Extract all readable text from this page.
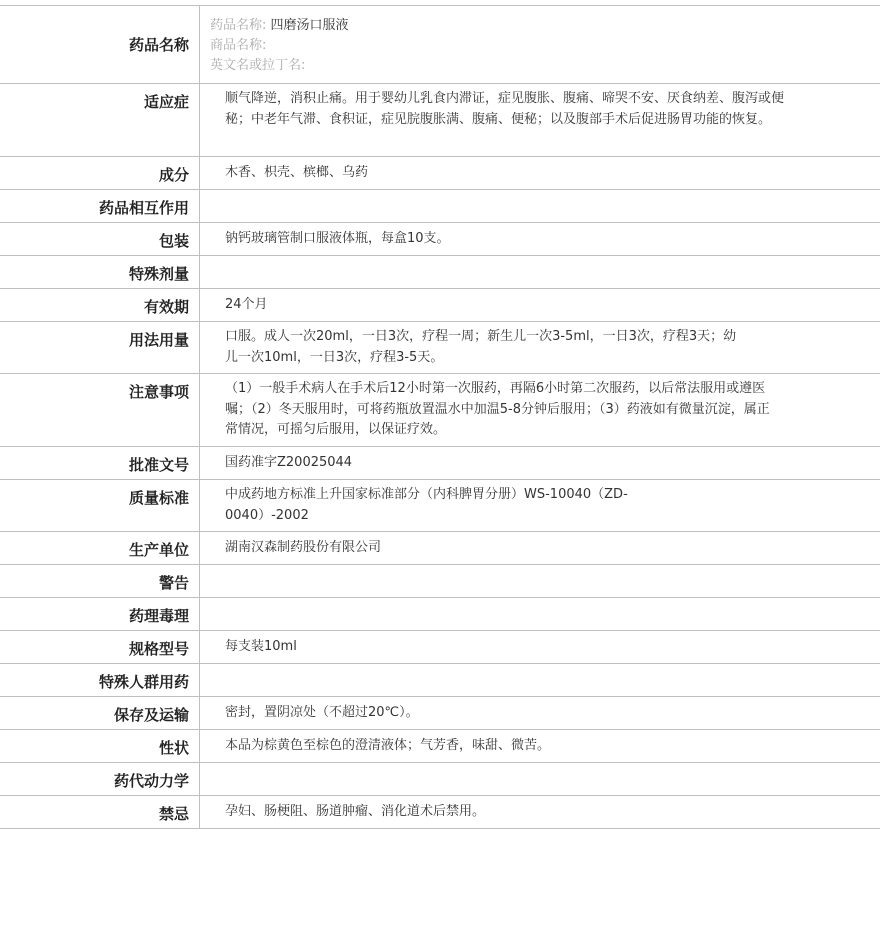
药品名称
药品名称: 四磨汤口服液
商品名称:
英文名或拉丁名:
适应症	顺气降逆，消积止痛。用于婴幼儿乳食内滞证，症见腹胀、腹痛、啼哭不安、厌食纳差、腹泻或便秘；中老年气滞、食积证，症见脘腹胀满、腹痛、便秘；以及腹部手术后促进肠胃功能的恢复。
成分	木香、枳壳、槟榔、乌药
药品相互作用
包装	钠钙玻璃管制口服液体瓶，每盒10支。
特殊剂量
有效期	24个月
用法用量	口服。成人一次20ml，一日3次，疗程一周；新生儿一次3-5ml，一日3次，疗程3天；幼儿一次10ml，一日3次，疗程3-5天。
注意事项	（1）一般手术病人在手术后12小时第一次服药，再隔6小时第二次服药，以后常法服用或遵医嘱；（2）冬天服用时，可将药瓶放置温水中加温5-8分钟后服用；（3）药液如有微量沉淀，属正常情况，可摇匀后服用，以保证疗效。
批准文号	国药准字Z20025044
质量标准	中成药地方标准上升国家标准部分（内科脾胃分册）WS-10040（ZD-0040）-2002
生产单位	湖南汉森制药股份有限公司
警告
药理毒理
规格型号	每支装10ml
特殊人群用药
保存及运输	密封，置阴凉处（不超过20℃）。
性状	本品为棕黄色至棕色的澄清液体；气芳香，味甜、微苦。
药代动力学
禁忌	孕妇、肠梗阻、肠道肿瘤、消化道术后禁用。
